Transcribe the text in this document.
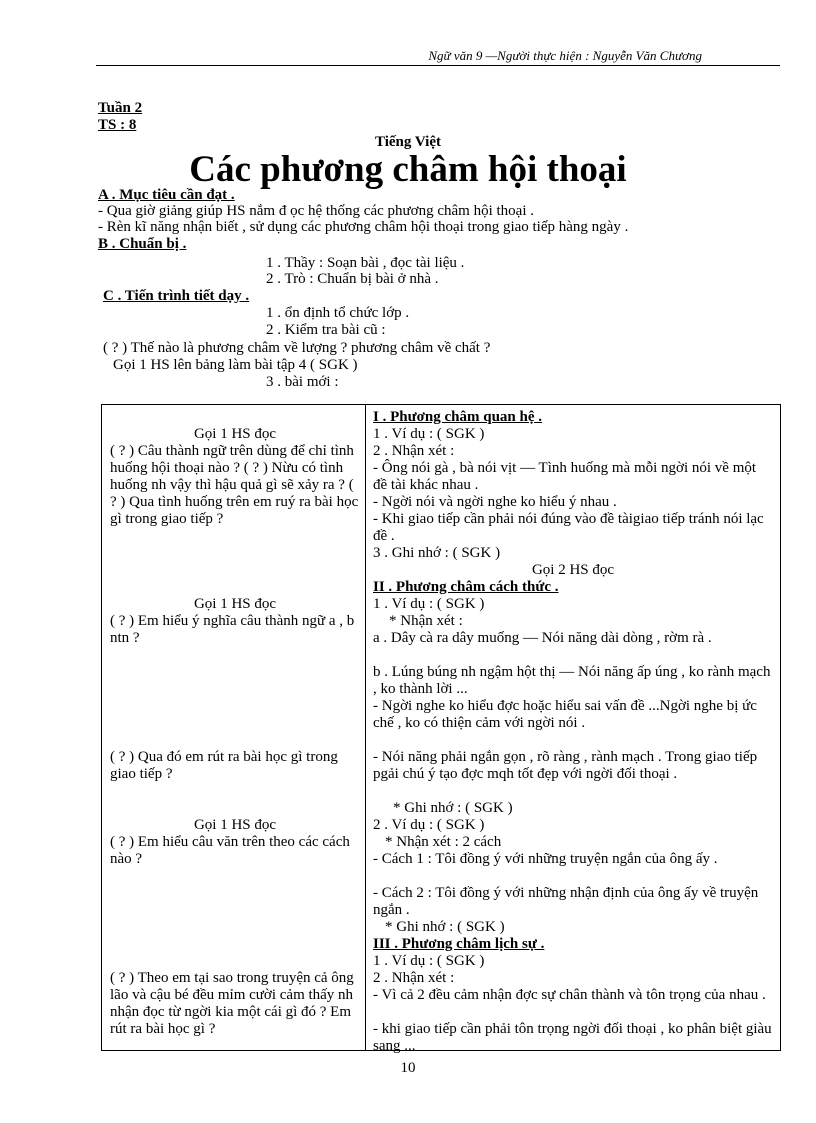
Ngữ văn 9 —Người thực hiện : Nguyễn Văn Chương
Tuần 2
TS : 8
Tiếng Việt
Các phương châm hội thoại
A . Mục tiêu cần đạt .
- Qua giờ giảng giúp HS nắm đ ọc hệ thống các phương châm hội thoại .
- Rèn kĩ năng nhận biết , sử dụng các phương châm hội thoại trong giao tiếp hàng ngày .
B . Chuẩn bị .
1 . Thầy : Soạn bài , đọc tài liệu .
2 . Trò : Chuẩn bị bài ở nhà .
C . Tiến trình tiết dạy .
1 . ổn định tổ chức lớp .
2 . Kiểm tra bài cũ :
( ? ) Thế nào là phương châm về lượng ? phương châm về chất ?
Gọi 1 HS lên bảng làm bài tập 4 ( SGK )
3 . bài mới :
Gọi 1 HS đọc
( ? ) Câu thành ngữ trên dùng để chỉ tình huống hội thoại nào ? ( ? ) Nừu có tình huống nh vậy thì hậu quả gì sẽ xảy ra ? ( ? ) Qua tình huống trên em ruý ra bài học gì trong giao tiếp ?
Gọi 1 HS đọc
( ? ) Em hiểu ý nghĩa câu thành ngữ a , b ntn ?
( ? ) Qua đó em rút ra bài học gì trong giao tiếp ?
Gọi 1 HS đọc
( ? ) Em hiểu câu văn trên theo các cách nào ?
( ? ) Theo em tại sao trong truyện cả ông lão và cậu bé đều mỉm cười cảm thấy nh nhận đọc từ ngời kia một cái gì đó ? Em rút ra bài học gì ?
I . Phương châm quan hệ .
1 . Ví dụ : ( SGK )
2 . Nhận xét :
- Ông nói gà , bà nói vịt — Tình huống mà mỗi ngời nói về một đề tài khác nhau .
- Ngời nói và ngời nghe ko hiểu ý nhau .
- Khi giao tiếp cần phải nói đúng vào đề tàigiao tiếp tránh nói lạc đề .
3 . Ghi nhớ : ( SGK )
Gọi 2 HS đọc
II . Phương châm cách thức .
1 . Ví dụ : ( SGK )
* Nhận xét :
a . Dây cà ra dây muống — Nói năng dài dòng , rờm rà .
b . Lúng búng nh ngậm hột thị — Nói năng ấp úng , ko rành mạch , ko thành lời ...
- Ngời nghe ko hiểu đợc hoặc hiểu sai vấn đề ...Ngời nghe bị ức chế , ko có thiện cảm với ngời nói .
- Nói năng phải ngắn gọn , rõ ràng , rành mạch . Trong giao tiếp pgải chú ý tạo đợc mqh tốt đẹp với ngời đối thoại .
* Ghi nhớ : ( SGK )
2 . Ví dụ : ( SGK )
* Nhận xét : 2 cách
- Cách 1 : Tôi đồng ý với những truyện ngắn của ông ấy .
- Cách 2 : Tôi đồng ý với những nhận định của ông ấy về truyện ngắn .
* Ghi nhớ : ( SGK )
III . Phương châm lịch sự .
1 . Ví dụ : ( SGK )
2 . Nhận xét :
- Vì cả 2 đều cảm nhận đợc sự chân thành và tôn trọng của nhau .
- khi giao tiếp cần phải tôn trọng ngời đối thoại , ko phân biệt giàu sang ...
10
